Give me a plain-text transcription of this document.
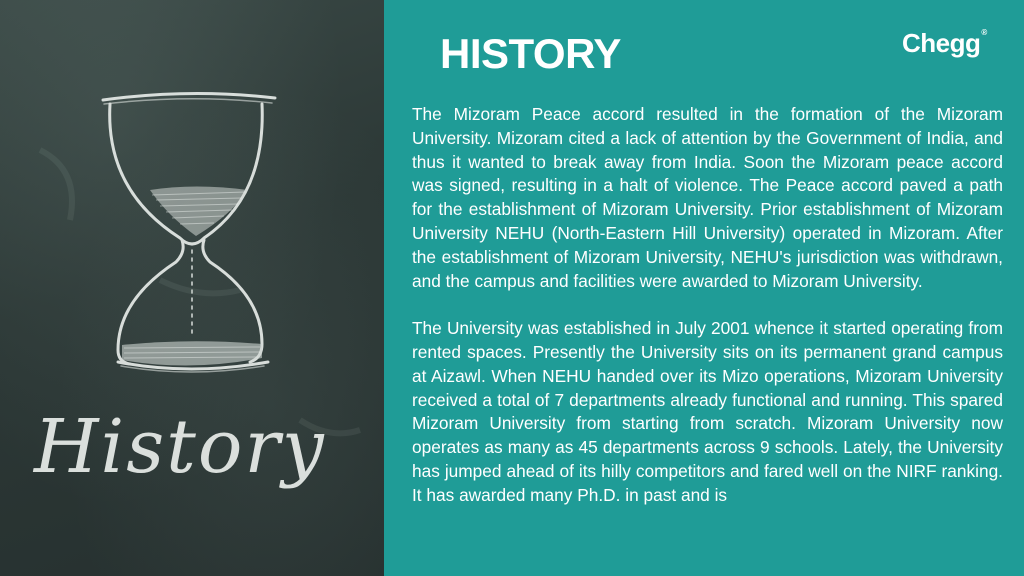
History
HISTORY	Chegg®

The Mizoram Peace accord resulted in the formation of the Mizoram University. Mizoram cited a lack of attention by the Government of India, and thus it wanted to break away from India. Soon the Mizoram peace accord was signed, resulting in a halt of violence. The Peace accord paved a path for the establishment of Mizoram University. Prior establishment of Mizoram University NEHU (North-Eastern Hill University) operated in Mizoram. After the establishment of Mizoram University, NEHU's jurisdiction was withdrawn, and the campus and facilities were awarded to Mizoram University.

The University was established in July 2001 whence it started operating from rented spaces. Presently the University sits on its permanent grand campus at Aizawl. When NEHU handed over its Mizo operations, Mizoram University received a total of 7 departments already functional and running. This spared Mizoram University from starting from scratch. Mizoram University now operates as many as 45 departments across 9 schools. Lately, the University has jumped ahead of its hilly competitors and fared well on the NIRF ranking. It has awarded many Ph.D. in past and is
